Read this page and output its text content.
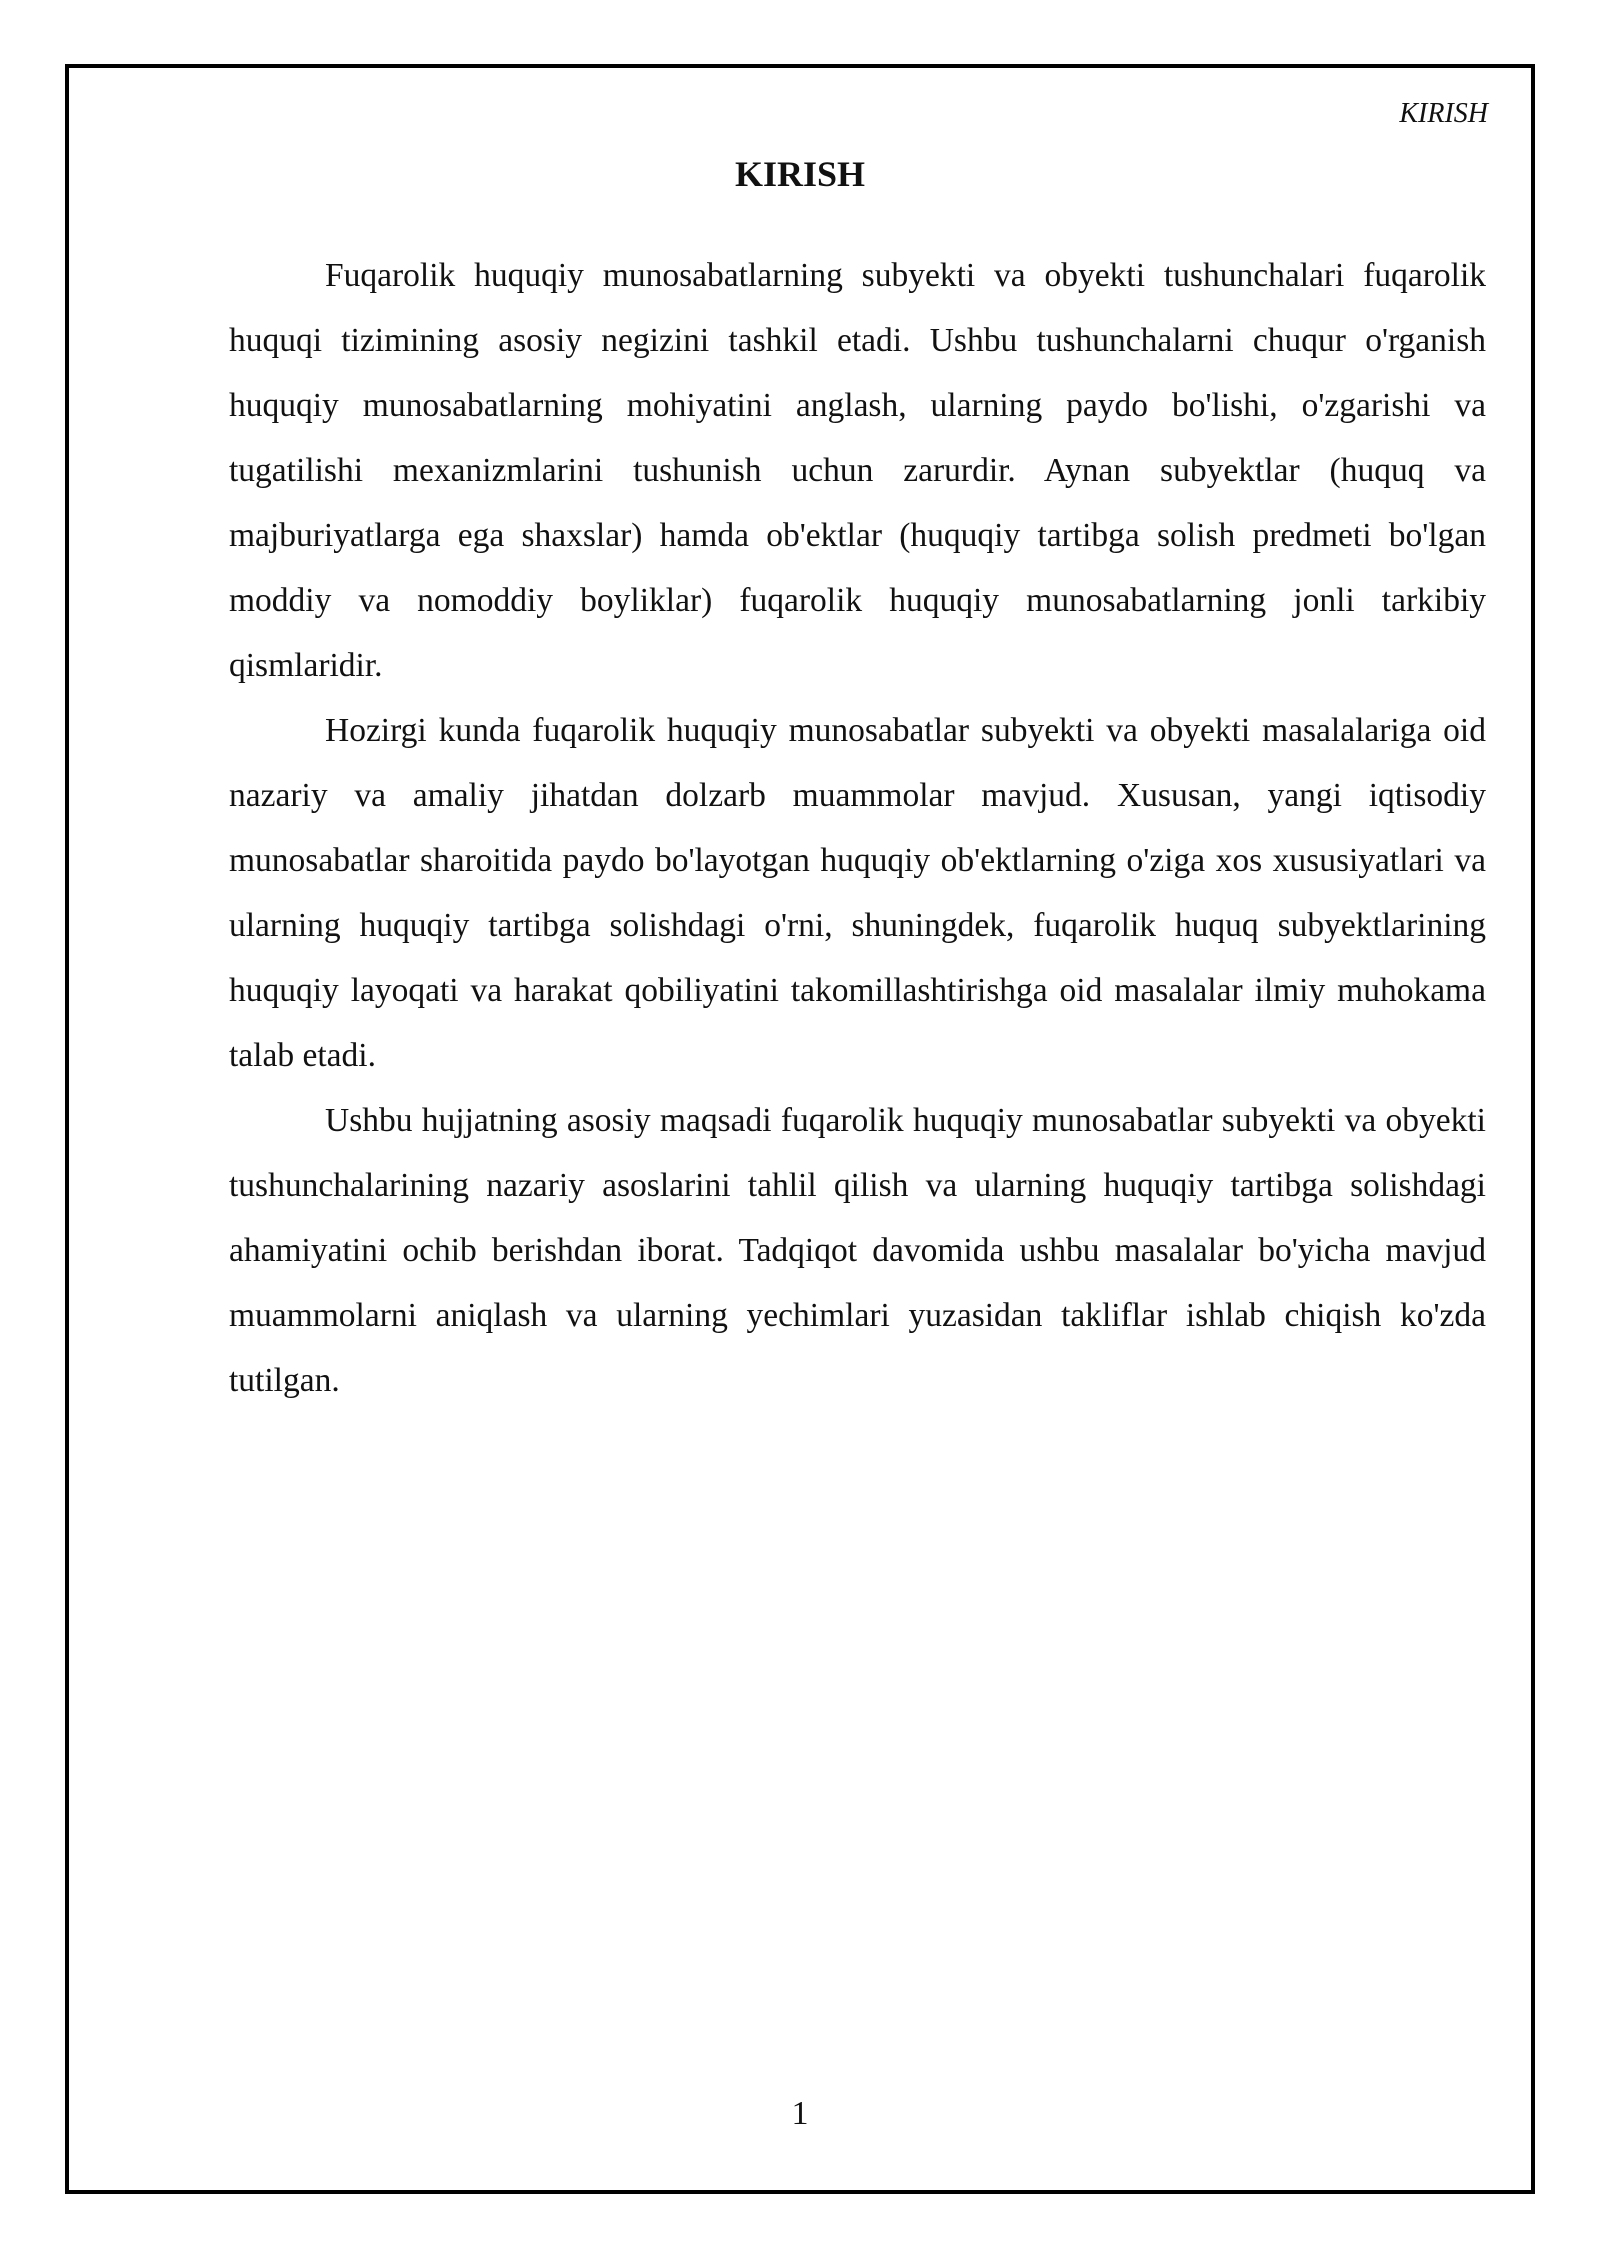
KIRISH
KIRISH

Fuqarolik huquqiy munosabatlarning subyekti va obyekti tushunchalari fuqarolik huquqi tizimining asosiy negizini tashkil etadi. Ushbu tushunchalarni chuqur o'rganish huquqiy munosabatlarning mohiyatini anglash, ularning paydo bo'lishi, o'zgarishi va tugatilishi mexanizmlarini tushunish uchun zarurdir. Aynan subyektlar (huquq va majburiyatlarga ega shaxslar) hamda ob'ektlar (huquqiy tartibga solish predmeti bo'lgan moddiy va nomoddiy boyliklar) fuqarolik huquqiy munosabatlarning jonli tarkibiy qismlaridir.

Hozirgi kunda fuqarolik huquqiy munosabatlar subyekti va obyekti masalalariga oid nazariy va amaliy jihatdan dolzarb muammolar mavjud. Xususan, yangi iqtisodiy munosabatlar sharoitida paydo bo'layotgan huquqiy ob'ektlarning o'ziga xos xususiyatlari va ularning huquqiy tartibga solishdagi o'rni, shuningdek, fuqarolik huquq subyektlarining huquqiy layoqati va harakat qobiliyatini takomillashtirishga oid masalalar ilmiy muhokama talab etadi.

Ushbu hujjatning asosiy maqsadi fuqarolik huquqiy munosabatlar subyekti va obyekti tushunchalarining nazariy asoslarini tahlil qilish va ularning huquqiy tartibga solishdagi ahamiyatini ochib berishdan iborat. Tadqiqot davomida ushbu masalalar bo'yicha mavjud muammolarni aniqlash va ularning yechimlari yuzasidan takliflar ishlab chiqish ko'zda tutilgan.

1
